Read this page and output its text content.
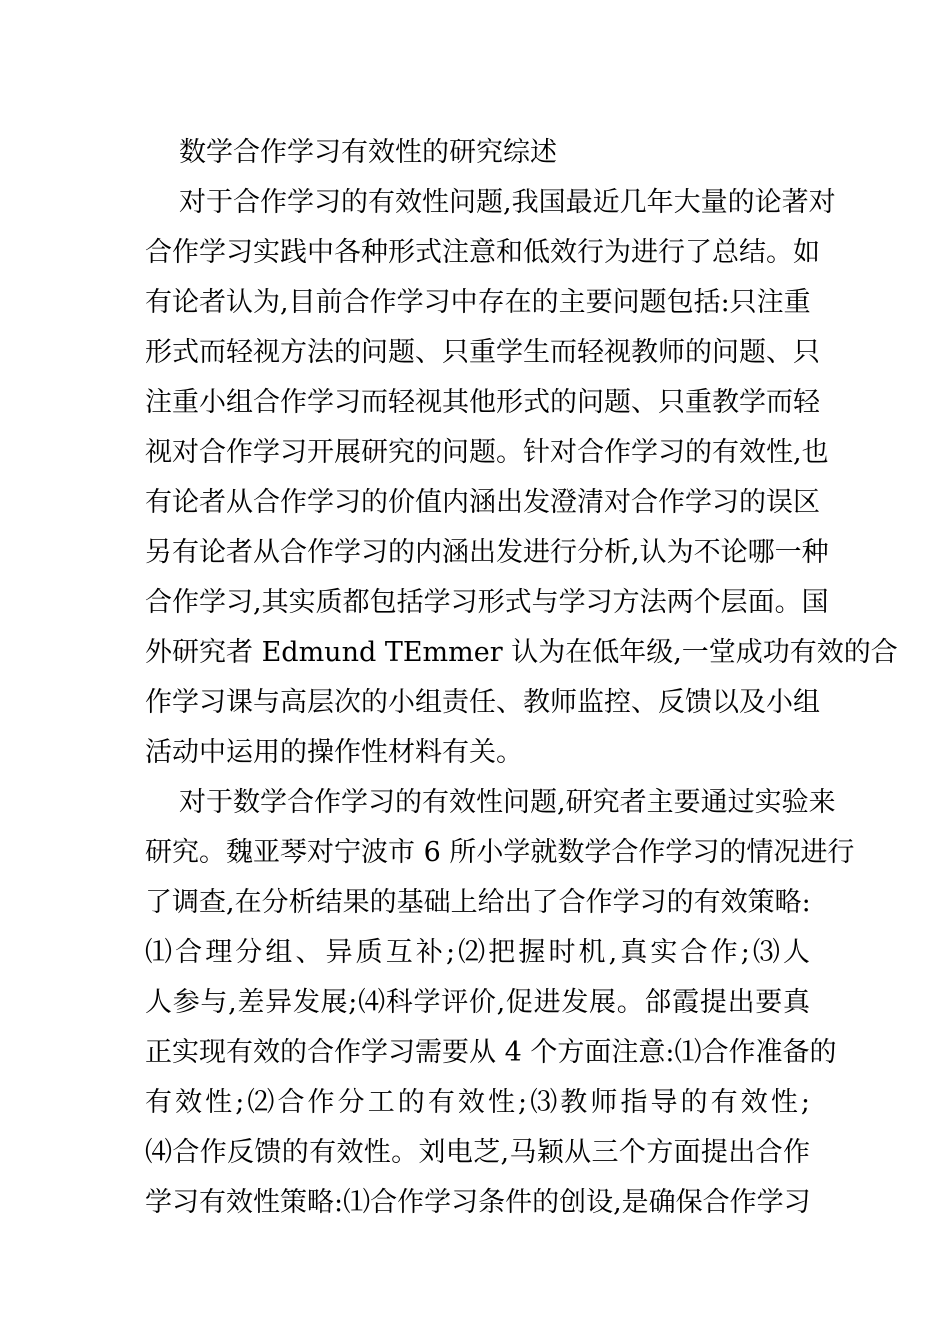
数学合作学习有效性的研究综述
对于合作学习的有效性问题,我国最近几年大量的论著对
合作学习实践中各种形式注意和低效行为进行了总结。如
有论者认为,目前合作学习中存在的主要问题包括:只注重
形式而轻视方法的问题、只重学生而轻视教师的问题、只
注重小组合作学习而轻视其他形式的问题、只重教学而轻
视对合作学习开展研究的问题。针对合作学习的有效性,也
有论者从合作学习的价值内涵出发澄清对合作学习的误区
另有论者从合作学习的内涵出发进行分析,认为不论哪一种
合作学习,其实质都包括学习形式与学习方法两个层面。国
外研究者 Edmund TEmmer 认为在低年级,一堂成功有效的合
作学习课与高层次的小组责任、教师监控、反馈以及小组
活动中运用的操作性材料有关。
对于数学合作学习的有效性问题,研究者主要通过实验来
研究。魏亚琴对宁波市 6 所小学就数学合作学习的情况进行
了调查,在分析结果的基础上给出了合作学习的有效策略:
⑴合理分组、异质互补;⑵把握时机,真实合作;⑶人
人参与,差异发展;⑷科学评价,促进发展。郃霞提出要真
正实现有效的合作学习需要从 4 个方面注意:⑴合作准备的
有效性;⑵合作分工的有效性;⑶教师指导的有效性;
⑷合作反馈的有效性。刘电芝,马颖从三个方面提出合作
学习有效性策略:⑴合作学习条件的创设,是确保合作学习
